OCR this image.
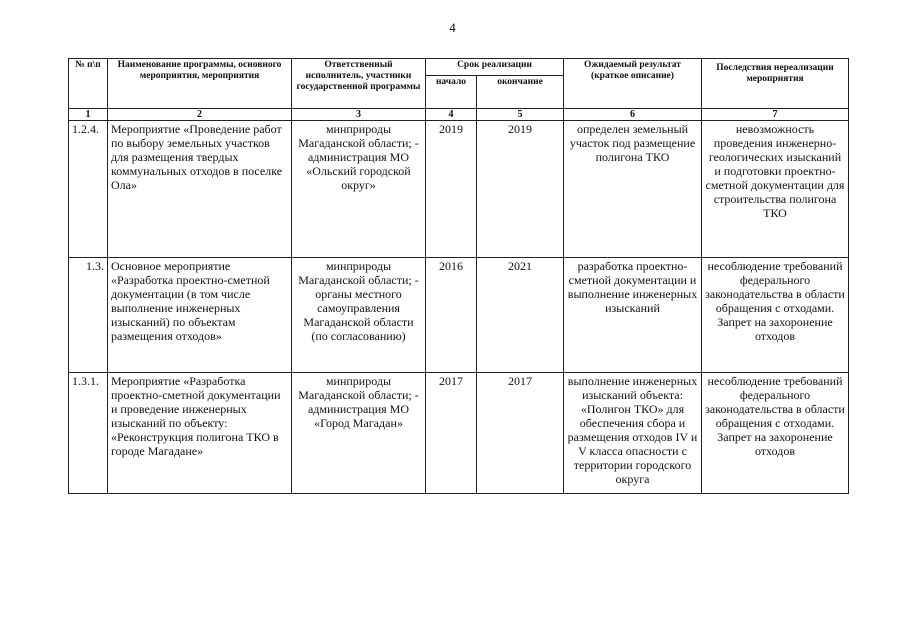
4
№ п\п	Наименование программы, основного мероприятия, мероприятия	Ответственный исполнитель, участники государственной программы	Срок реализации		Ожидаемый результат (краткое описание)	Последствия нереализации мероприятия
			начало	окончание		
1	2	3	4	5	6	7
1.2.4.	Мероприятие «Проведение работ по выбору земельных участков для размещения твердых коммунальных отходов в поселке Ола»	минприроды Магаданской области; - администрация МО «Ольский городской округ»	2019	2019	определен земельный участок под размещение полигона ТКО	невозможность проведения инженерно-геологических изысканий и подготовки проектно-сметной документации для строительства полигона ТКО
1.3.	Основное мероприятие «Разработка проектно-сметной документации (в том числе выполнение инженерных изысканий) по объектам размещения отходов»	минприроды Магаданской области; - органы местного самоуправления Магаданской области (по согласованию)	2016	2021	разработка проектно-сметной документации и выполнение инженерных изысканий	несоблюдение требований федерального законодательства в области обращения с отходами. Запрет на захоронение отходов
1.3.1.	Мероприятие «Разработка проектно-сметной документации и проведение инженерных изысканий по объекту: «Реконструкция полигона ТКО в городе Магадане»	минприроды Магаданской области; - администрация МО «Город Магадан»	2017	2017	выполнение инженерных изысканий объекта: «Полигон ТКО» для обеспечения сбора и размещения отходов IV и V класса опасности с территории городского округа	несоблюдение требований федерального законодательства в области обращения с отходами. Запрет на захоронение отходов
